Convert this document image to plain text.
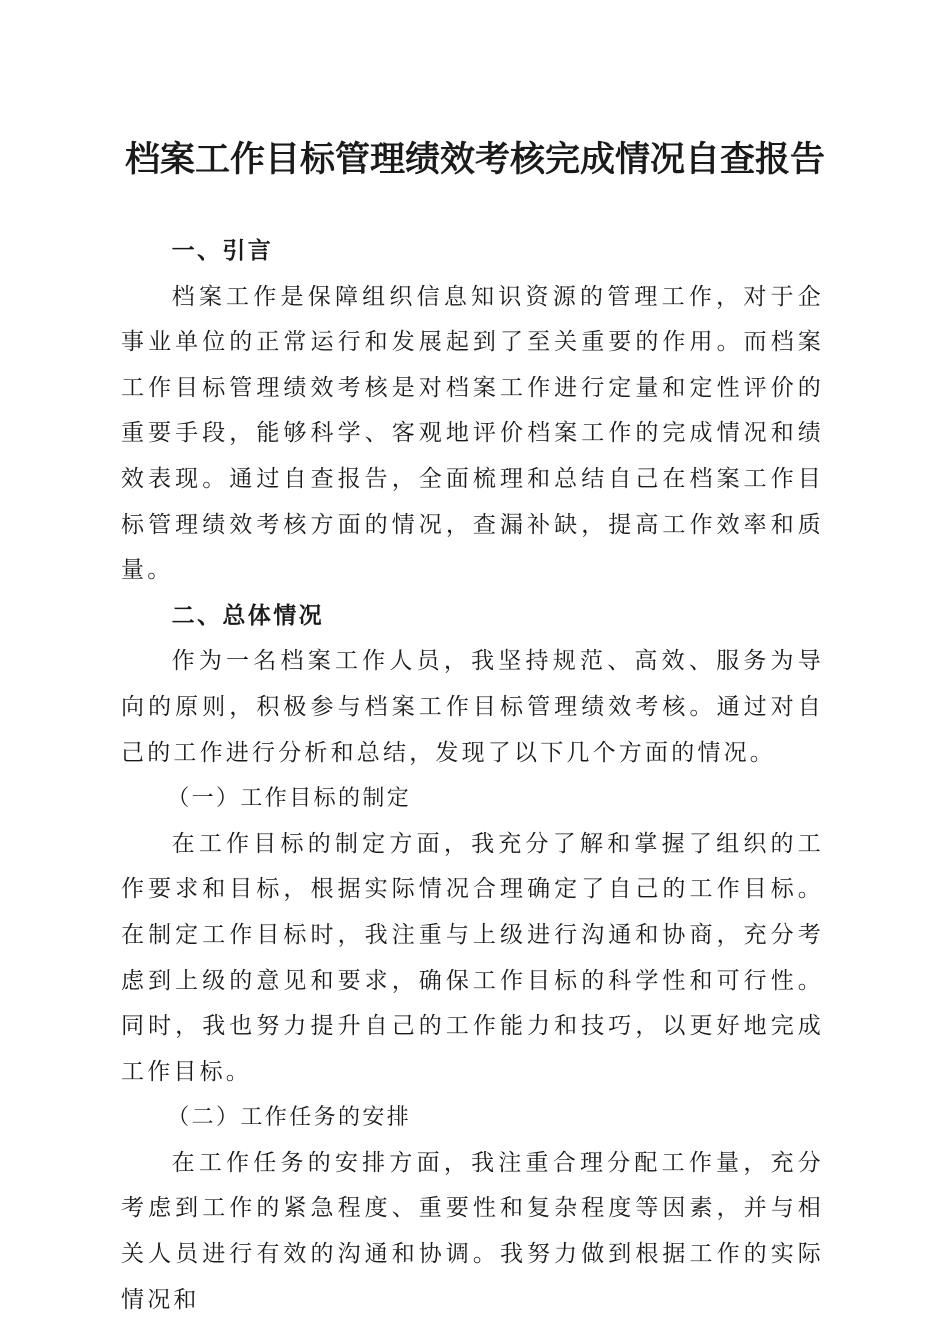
档案工作目标管理绩效考核完成情况自查报告
一、引言

档案工作是保障组织信息知识资源的管理工作，对于企事业单位的正常运行和发展起到了至关重要的作用。而档案工作目标管理绩效考核是对档案工作进行定量和定性评价的重要手段，能够科学、客观地评价档案工作的完成情况和绩效表现。通过自查报告，全面梳理和总结自己在档案工作目标管理绩效考核方面的情况，查漏补缺，提高工作效率和质量。

二、总体情况

作为一名档案工作人员，我坚持规范、高效、服务为导向的原则，积极参与档案工作目标管理绩效考核。通过对自己的工作进行分析和总结，发现了以下几个方面的情况。

（一）工作目标的制定

在工作目标的制定方面，我充分了解和掌握了组织的工作要求和目标，根据实际情况合理确定了自己的工作目标。在制定工作目标时，我注重与上级进行沟通和协商，充分考虑到上级的意见和要求，确保工作目标的科学性和可行性。同时，我也努力提升自己的工作能力和技巧，以更好地完成工作目标。

（二）工作任务的安排

在工作任务的安排方面，我注重合理分配工作量，充分考虑到工作的紧急程度、重要性和复杂程度等因素，并与相关人员进行有效的沟通和协调。我努力做到根据工作的实际情况和
